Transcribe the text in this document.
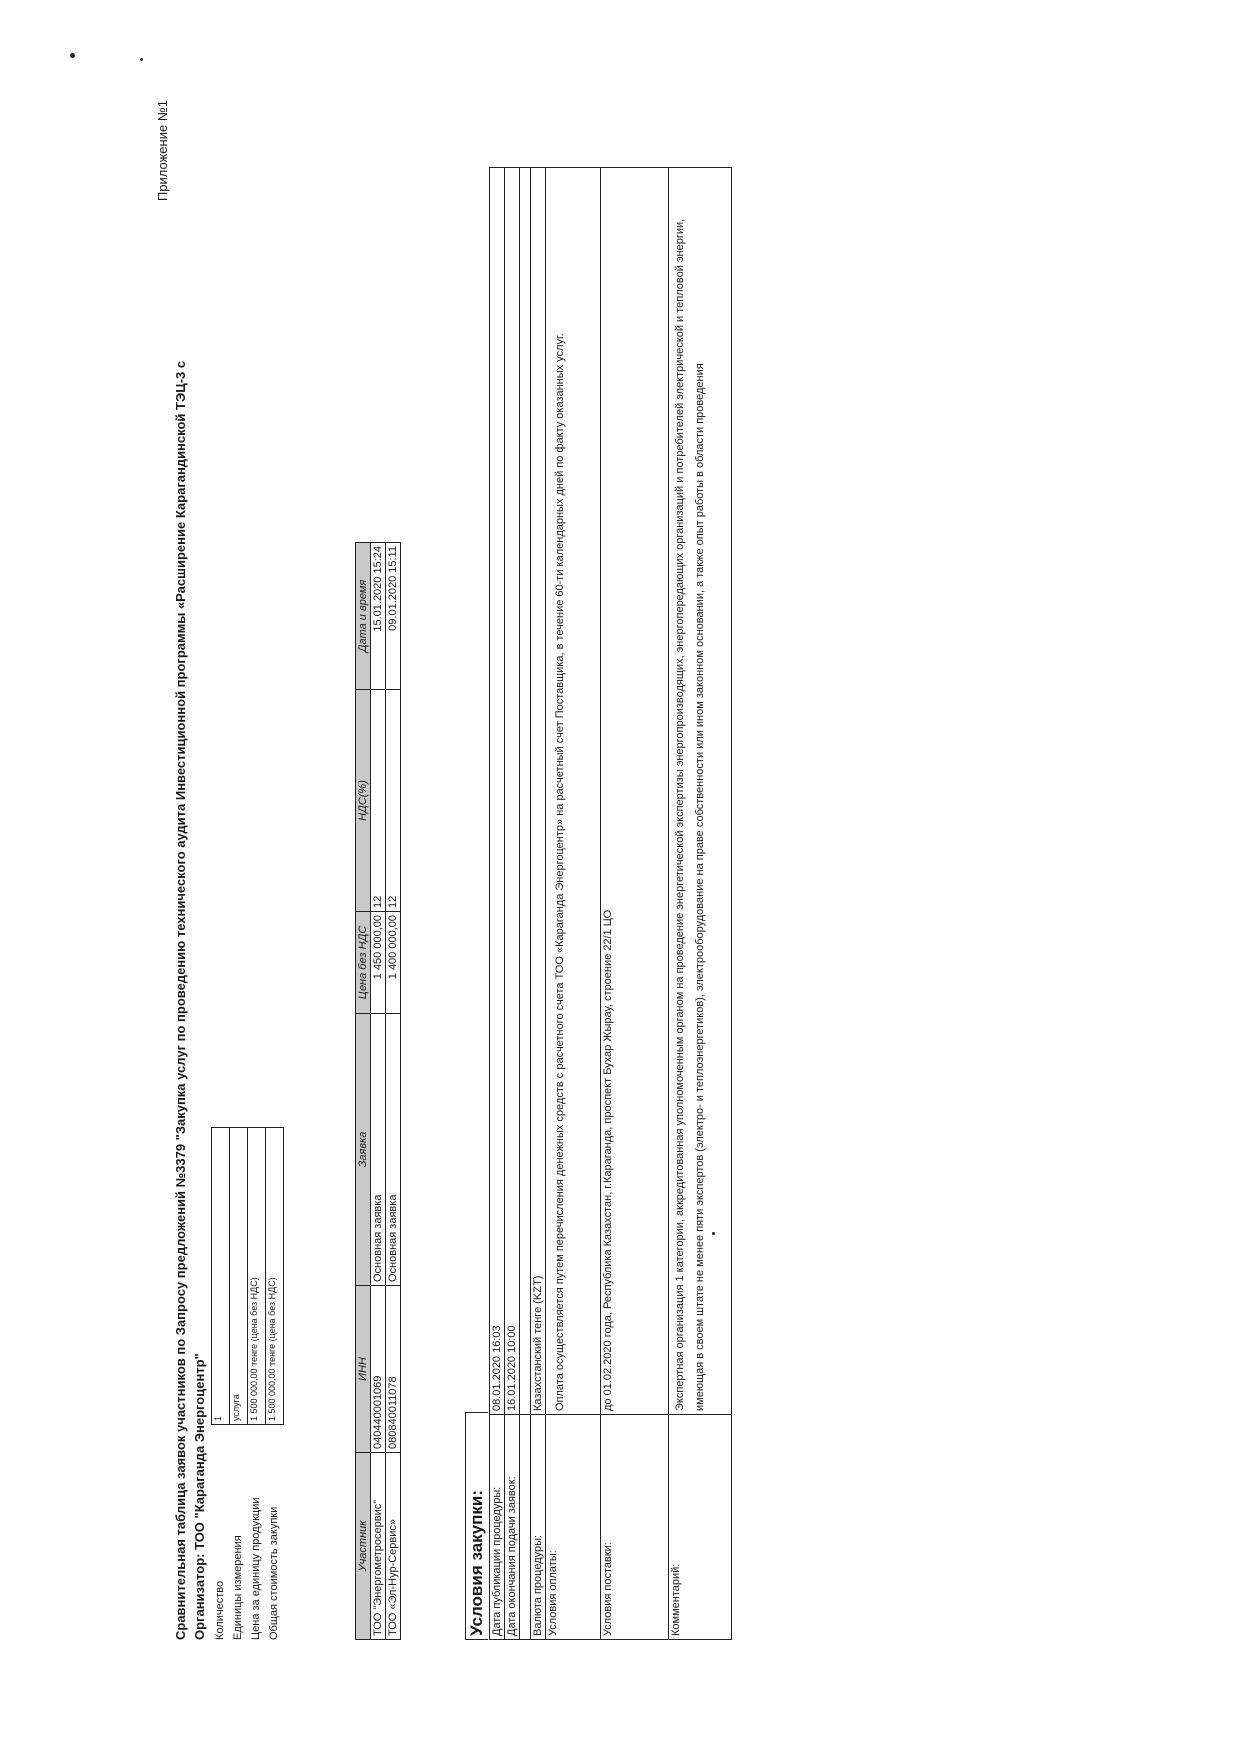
Приложение №1
Сравнительная таблица заявок участников по Запросу предложений №3379 "Закупка услуг по проведению технического аудита Инвестиционной программы «Расширение Карагандинской ТЭЦ-3 с Организатор: ТОО "Караганда Энергоцентр" Количество	1
Единицы измерения	услуга
Цена за единицу продукции	1 500 000,00 тенге (цена без НДС)
Общая стоимость закупки	1 500 000,00 тенге (цена без НДС)
Участник	ИНН	Заявка	Цена без НДС	НДС(%)	Дата и время
ТОО "Энергометросервис"	040440001069	Основная заявка	1 450 000,00	12	15.01.2020 15:24
ТОО «Эл-Нур-Сервис»	080840011078	Основная заявка	1 400 000,00	12	09.01.2020 15:11
Условия закупки: Дата публикации процедуры:	08.01.2020 16:03
Дата окончания подачи заявок:	16.01.2020 10:00

Валюта процедуры:	Казахстанский тенге (KZT)
Условия оплаты:	Оплата осуществляется путем перечисления денежных средств с расчетного счета ТОО «Караганда Энергоцентр» на расчетный счет Поставщика, в течение 60-ти календарных дней по факту оказанных услуг.
Условия поставки:	до 01.02.2020 года, Республика Казахстан, г.Караганда, проспект Бухар Жырау, строение 22/1 ЦО
Комментарий:	Экспертная организация 1 категории, аккредитованная уполномоченным органом на проведение энергетической экспертизы энергопроизводящих, энергопередающих организаций и потребителей электрической и тепловой энергии, имеющая в своем штате не менее пяти экспертов (электро- и теплоэнергетиков), электрооборудование на праве собственности или ином законном основании, а также опыт работы в области проведения
